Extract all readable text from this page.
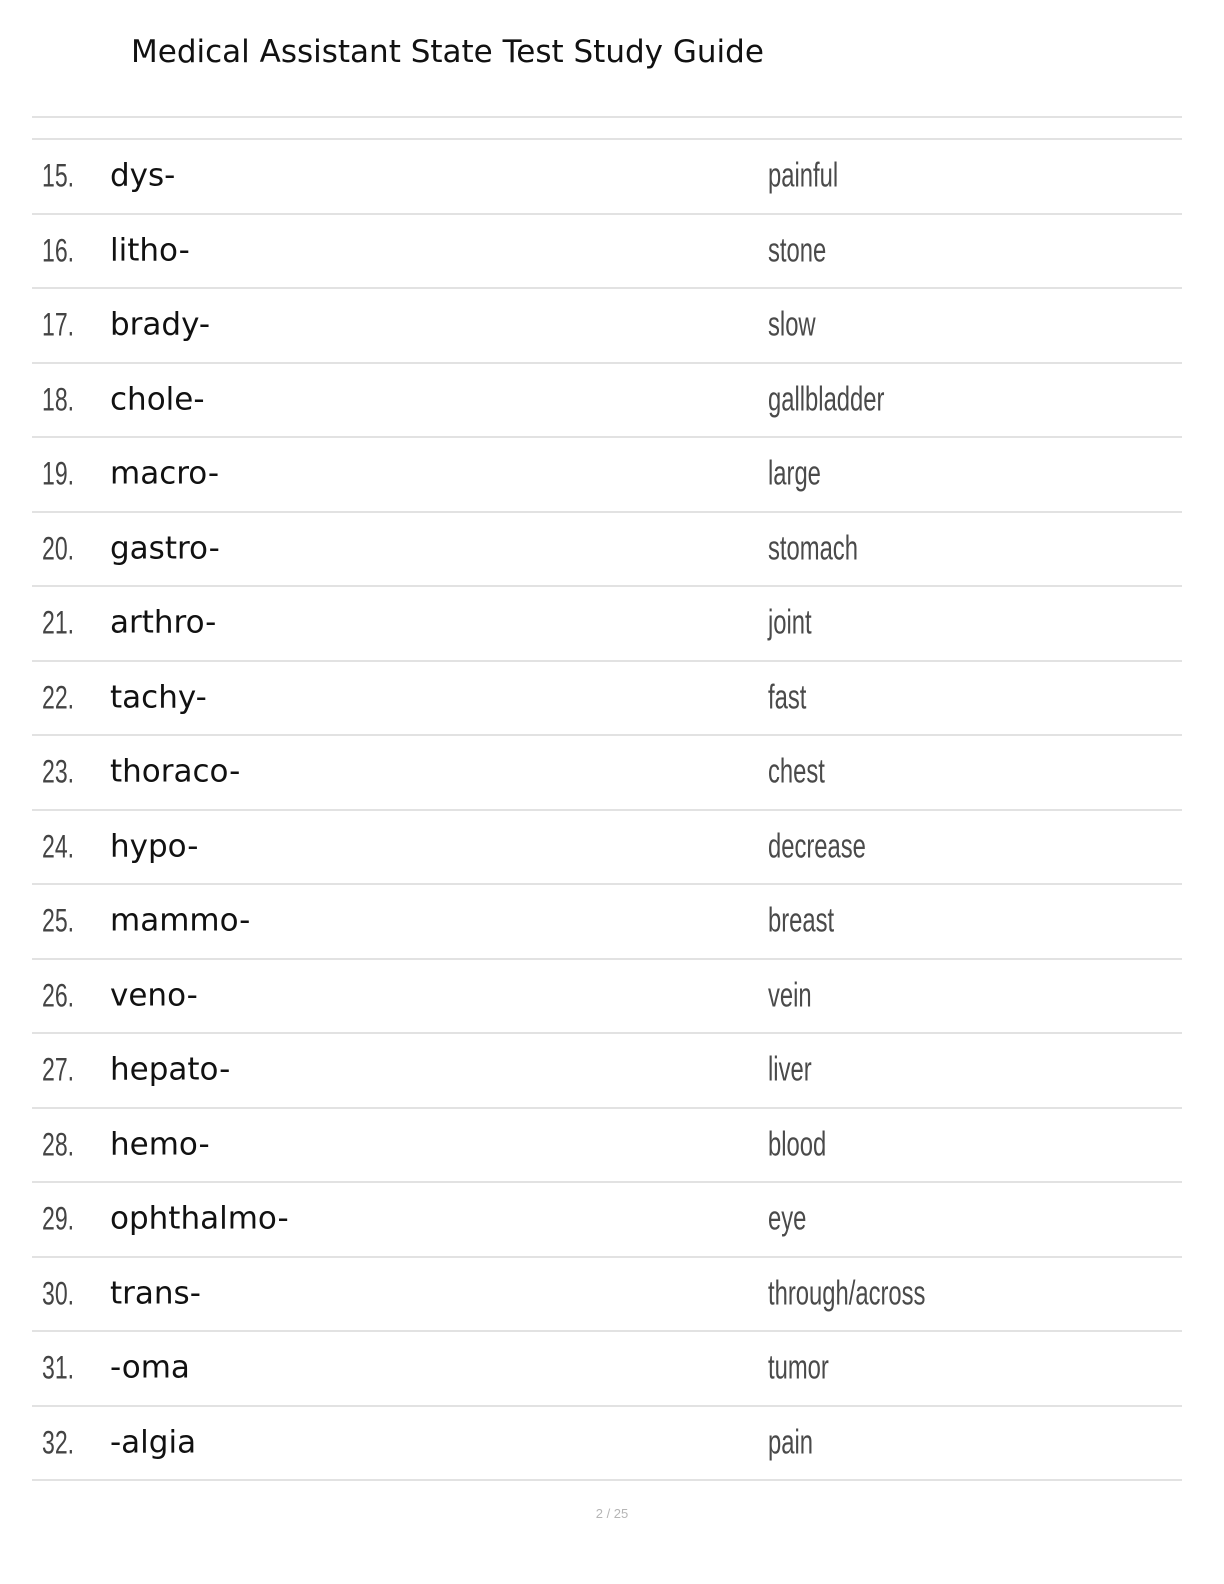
Medical Assistant State Test Study Guide
15. dys-	painful
16. litho-	stone
17. brady-	slow
18. chole-	gallbladder
19. macro-	large
20. gastro-	stomach
21. arthro-	joint
22. tachy-	fast
23. thoraco-	chest
24. hypo-	decrease
25. mammo-	breast
26. veno-	vein
27. hepato-	liver
28. hemo-	blood
29. ophthalmo-	eye
30. trans-	through/across
31. -oma	tumor
32. -algia	pain
2 / 25
